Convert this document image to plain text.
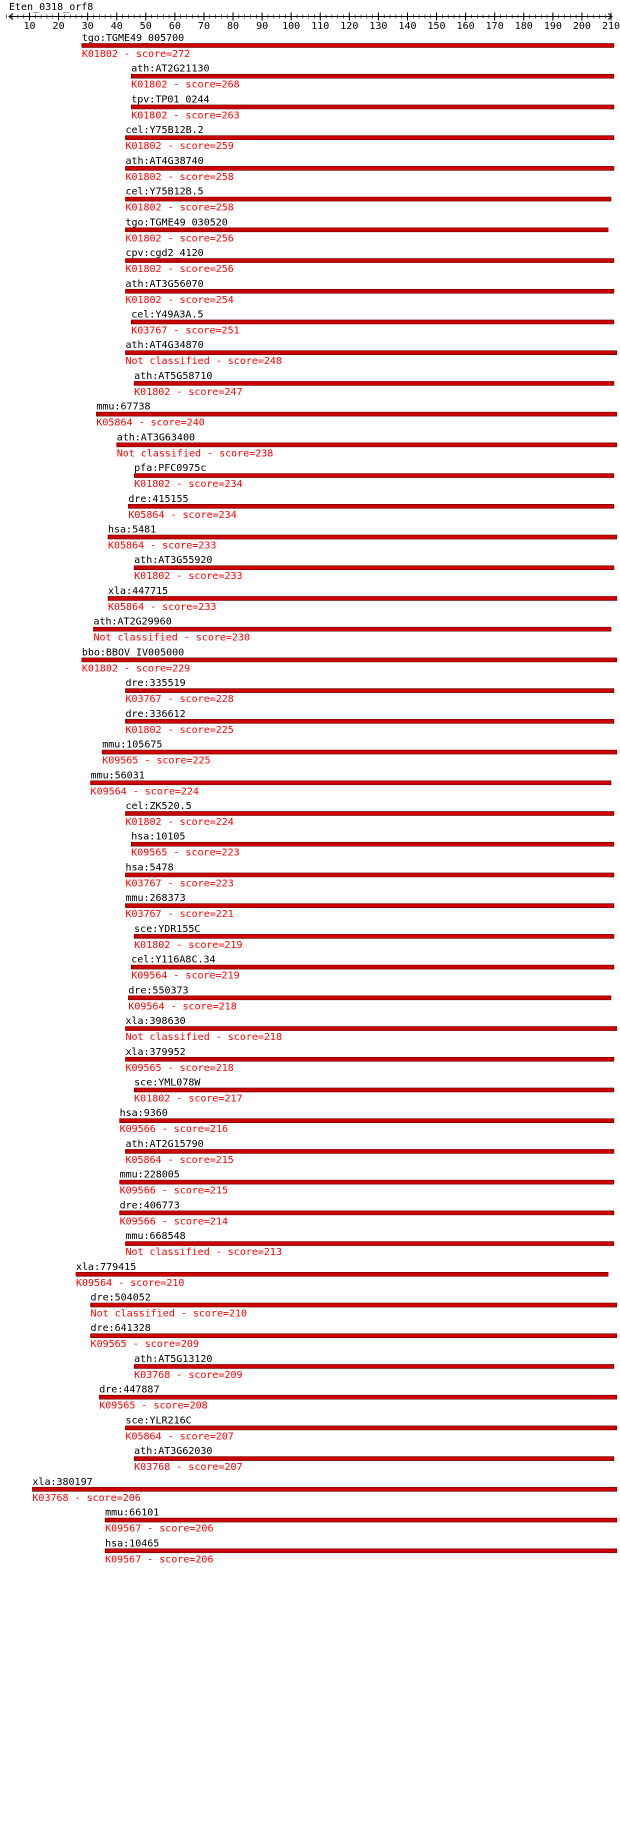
Eten_0318_orf8
10 20 30 40 50 60 70 80 90 100 110 120 130 140 150 160 170 180 190 200 210
tgo:TGME49_005700
K01802 - score=272
ath:AT2G21130
K01802 - score=268
tpv:TP01_0244
K01802 - score=263
cel:Y75B12B.2
K01802 - score=259
ath:AT4G38740
K01802 - score=258
cel:Y75B12B.5
K01802 - score=258
tgo:TGME49_030520
K01802 - score=256
cpv:cgd2_4120
K01802 - score=256
ath:AT3G56070
K01802 - score=254
cel:Y49A3A.5
K03767 - score=251
ath:AT4G34870
Not classified - score=248
ath:AT5G58710
K01802 - score=247
mmu:67738
K05864 - score=240
ath:AT3G63400
Not classified - score=238
pfa:PFC0975c
K01802 - score=234
dre:415155
K05864 - score=234
hsa:5481
K05864 - score=233
ath:AT3G55920
K01802 - score=233
xla:447715
K05864 - score=233
ath:AT2G29960
Not classified - score=230
bbo:BBOV_IV005000
K01802 - score=229
dre:335519
K03767 - score=228
dre:336612
K01802 - score=225
mmu:105675
K09565 - score=225
mmu:56031
K09564 - score=224
cel:ZK520.5
K01802 - score=224
hsa:10105
K09565 - score=223
hsa:5478
K03767 - score=223
mmu:268373
K03767 - score=221
sce:YDR155C
K01802 - score=219
cel:Y116A8C.34
K09564 - score=219
dre:550373
K09564 - score=218
xla:398630
Not classified - score=218
xla:379952
K09565 - score=218
sce:YML078W
K01802 - score=217
hsa:9360
K09566 - score=216
ath:AT2G15790
K05864 - score=215
mmu:228005
K09566 - score=215
dre:406773
K09566 - score=214
mmu:668548
Not classified - score=213
xla:779415
K09564 - score=210
dre:504052
Not classified - score=210
dre:641328
K09565 - score=209
ath:AT5G13120
K03768 - score=209
dre:447887
K09565 - score=208
sce:YLR216C
K05864 - score=207
ath:AT3G62030
K03768 - score=207
xla:380197
K03768 - score=206
mmu:66101
K09567 - score=206
hsa:10465
K09567 - score=206
